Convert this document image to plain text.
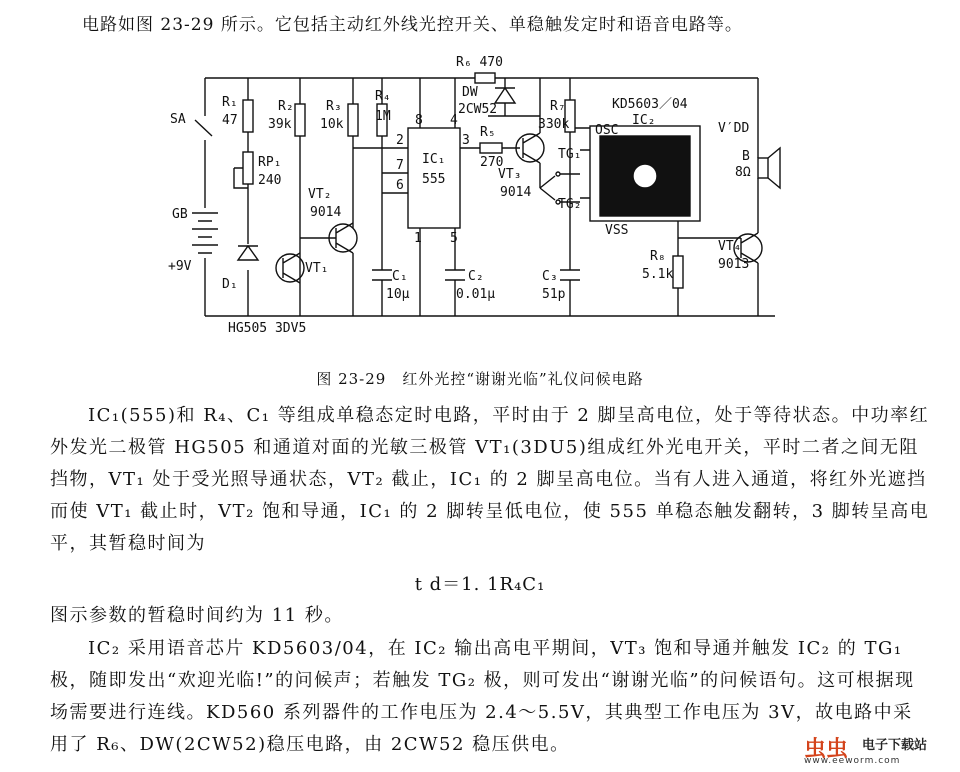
电路如图 23-29 所示。它包括主动红外线光控开关、单稳触发定时和语音电路等。
SA
R₁
47
R₂
39k
R₃
10k
R₄
1M
R₆ 470
DW
2CW52
R₅
270
R₇
330k
KD5603／04
IC₂
OSC	V′DD
B
8Ω
RP₁
240
VT₂
9014
IC₁
555	VT₃
9014
TG₁
TG₂
VSS
GB
+9V
D₁
VT₁
C₁
10μ
C₂
0.01μ
C₃
51p
R₈
5.1k
VT₄
9013
HG505 3DV5
8 4
2
7
6
1 5
3
图 23-29　红外光控“谢谢光临”礼仪问候电路
IC₁(555)和 R₄、C₁ 等组成单稳态定时电路，平时由于 2 脚呈高电位，处于等待状态。中功率红外发光二极管 HG505 和通道对面的光敏三极管 VT₁(3DU5)组成红外光电开关，平时二者之间无阻挡物，VT₁ 处于受光照导通状态，VT₂ 截止，IC₁ 的 2 脚呈高电位。当有人进入通道，将红外光遮挡而使 VT₁ 截止时，VT₂ 饱和导通，IC₁ 的 2 脚转呈低电位，使 555 单稳态触发翻转，3 脚转呈高电平，其暂稳时间为
t d＝1. 1R₄C₁
图示参数的暂稳时间约为 11 秒。
IC₂ 采用语音芯片 KD5603/04，在 IC₂ 输出高电平期间，VT₃ 饱和导通并触发 IC₂ 的 TG₁ 极，随即发出“欢迎光临!”的问候声；若触发 TG₂ 极，则可发出“谢谢光临”的问候语句。这可根据现场需要进行连线。KD560 系列器件的工作电压为 2.4～5.5V，其典型工作电压为 3V，故电路中采用了 R₆、DW(2CW52)稳压电路，由 2CW52 稳压供电。	虫虫 电子下载站
www.eeworm.com
